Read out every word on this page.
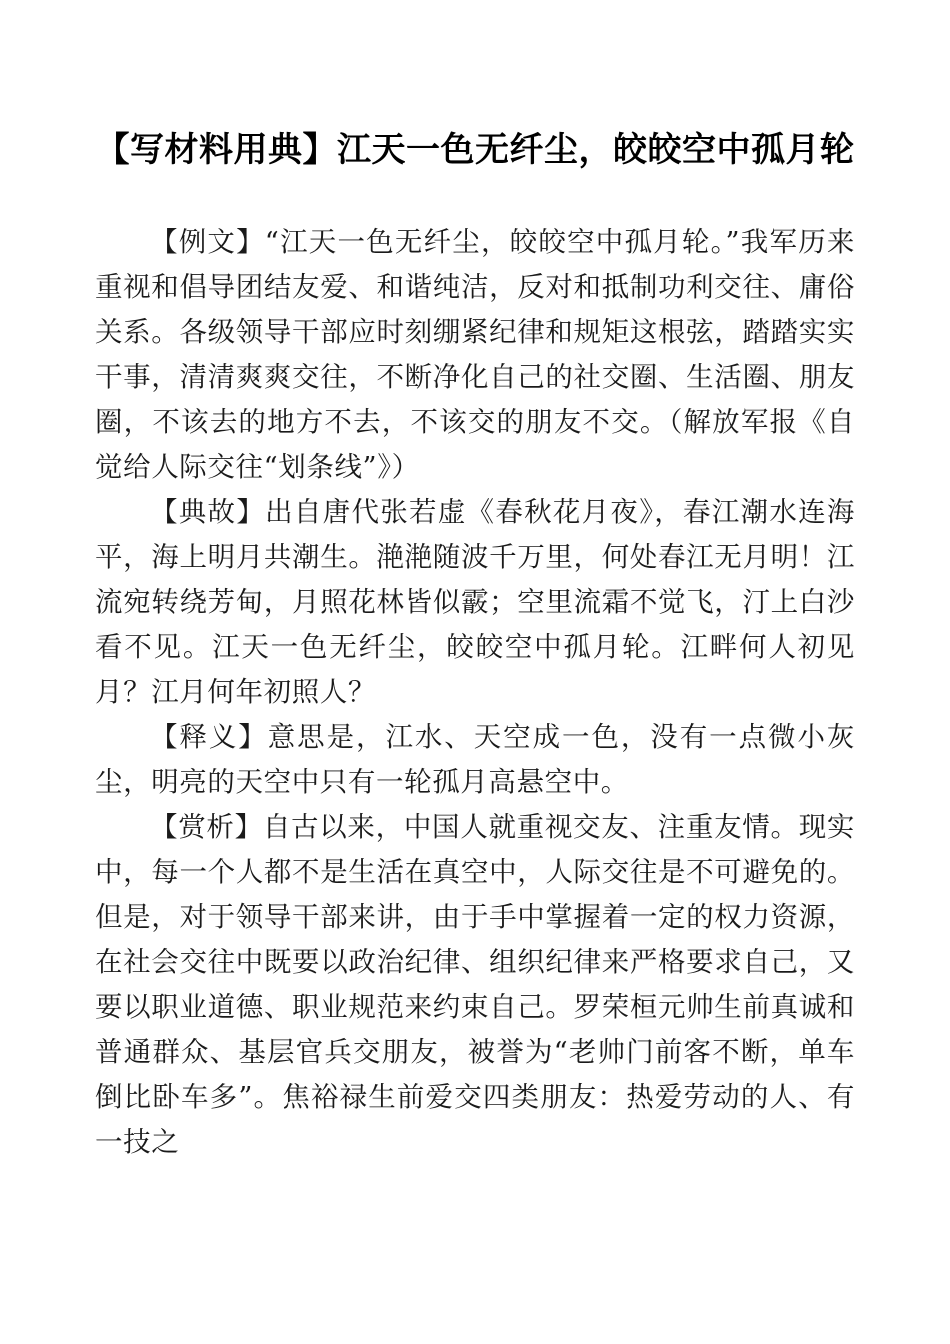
【写材料用典】江天一色无纤尘，皎皎空中孤月轮

【例文】“江天一色无纤尘，皎皎空中孤月轮。”我军历来重视和倡导团结友爱、和谐纯洁，反对和抵制功利交往、庸俗关系。各级领导干部应时刻绷紧纪律和规矩这根弦，踏踏实实干事，清清爽爽交往，不断净化自己的社交圈、生活圈、朋友圈，不该去的地方不去，不该交的朋友不交。（解放军报《自觉给人际交往“划条线”》）

【典故】出自唐代张若虚《春秋花月夜》，春江潮水连海平，海上明月共潮生。滟滟随波千万里，何处春江无月明！江流宛转绕芳甸，月照花林皆似霰；空里流霜不觉飞，汀上白沙看不见。江天一色无纤尘，皎皎空中孤月轮。江畔何人初见月？江月何年初照人？

【释义】意思是，江水、天空成一色，没有一点微小灰尘，明亮的天空中只有一轮孤月高悬空中。

【赏析】自古以来，中国人就重视交友、注重友情。现实中，每一个人都不是生活在真空中，人际交往是不可避免的。但是，对于领导干部来讲，由于手中掌握着一定的权力资源，在社会交往中既要以政治纪律、组织纪律来严格要求自己，又要以职业道德、职业规范来约束自己。罗荣桓元帅生前真诚和普通群众、基层官兵交朋友，被誉为“老帅门前客不断，单车倒比卧车多”。焦裕禄生前爱交四类朋友：热爱劳动的人、有一技之
